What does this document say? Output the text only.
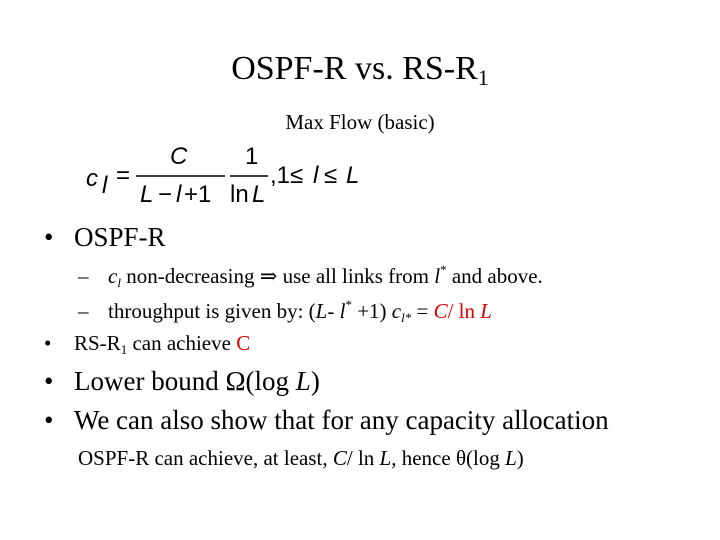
OSPF-R vs. $RS-R_1$
Max Flow (basic)
c l =
C
L − l +1
1
ln L
,1≤ l ≤ L
• OSPF-R
– $c_l$ non-decreasing ⇒ use all links from l* and above.
– throughput is given by: (L- l* +1) $c_{l*} = C/$ ln L
• $RS-R_1$ can achieve C
• Lower bound Ω(log L)
• We can also show that for any capacity allocation
OSPF-R can achieve, at least, C/ ln L, hence θ(log L)
